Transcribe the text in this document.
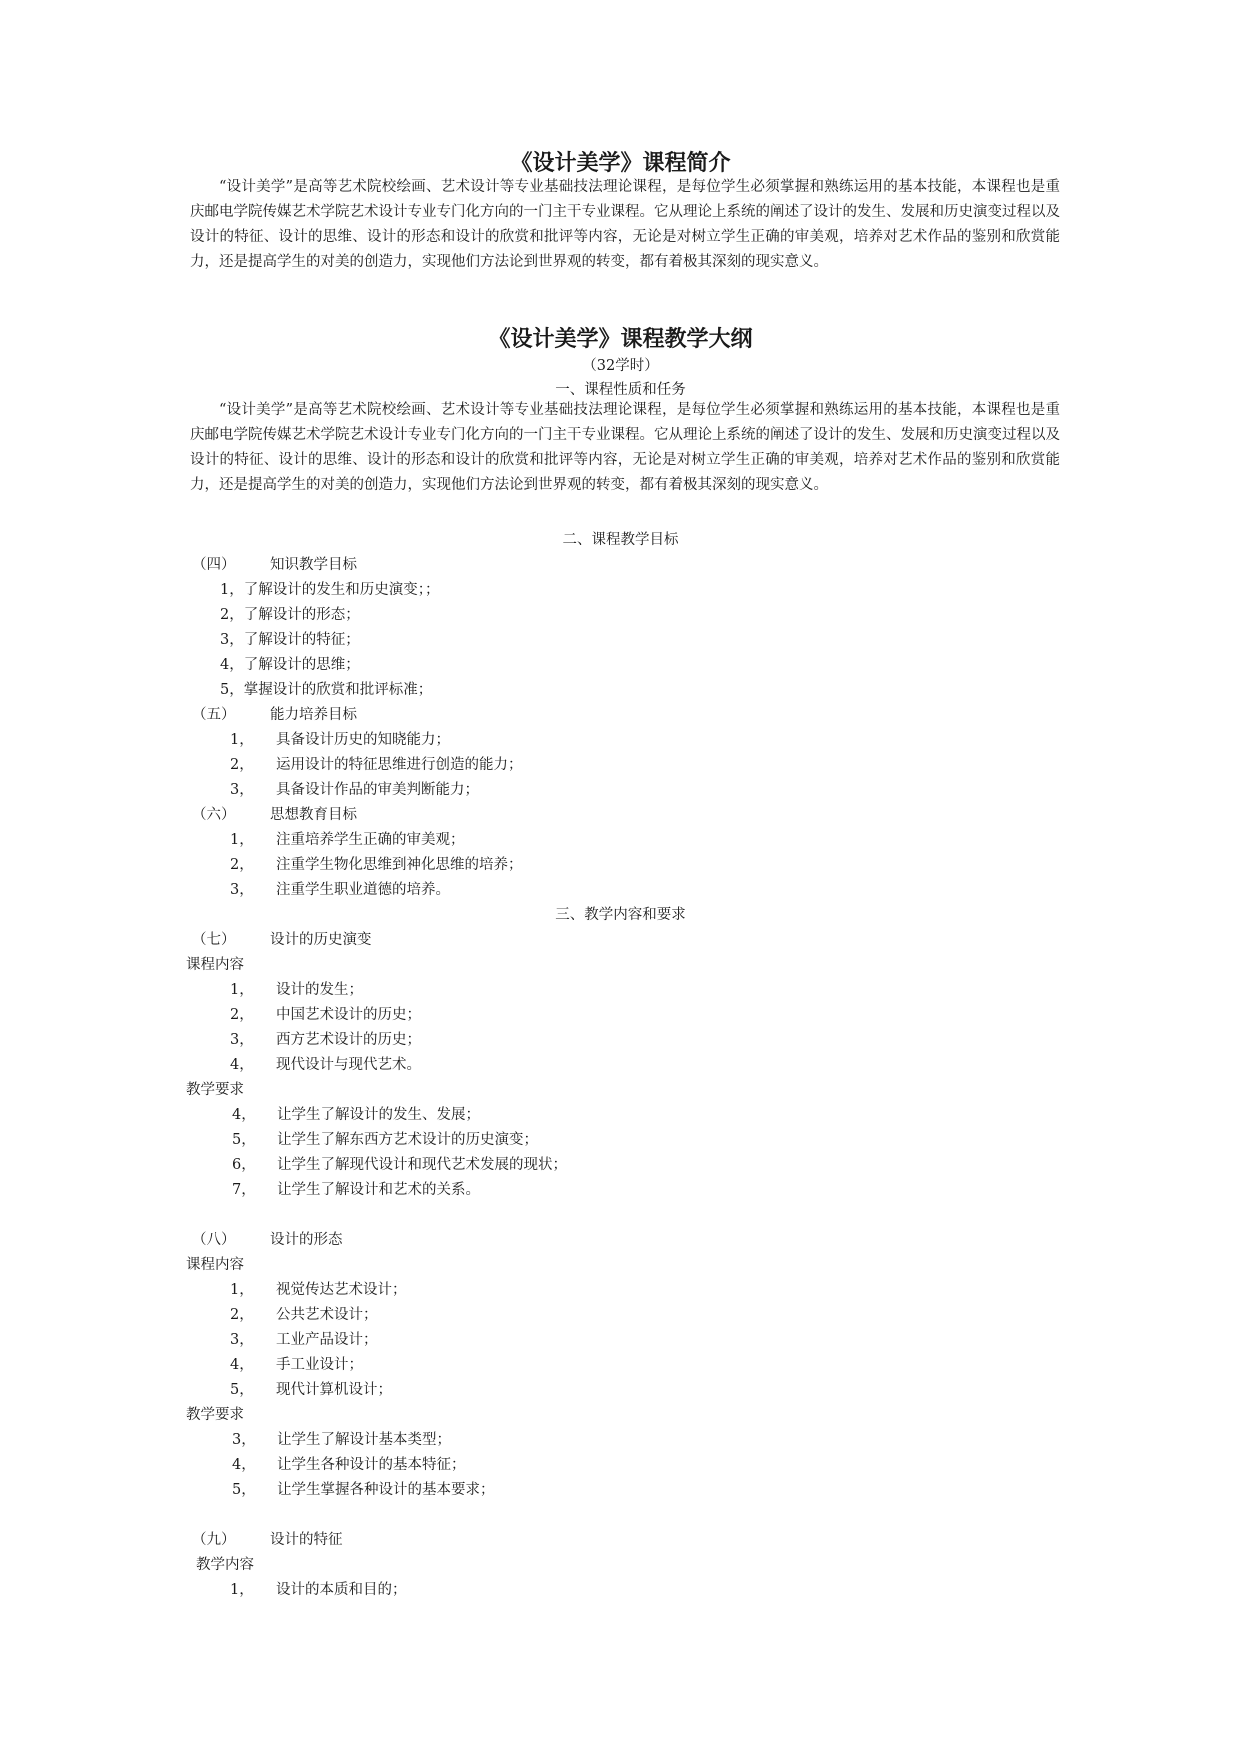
《设计美学》课程简介
“设计美学”是高等艺术院校绘画、艺术设计等专业基础技法理论课程，是每位学生必须掌握和熟练运用的基本技能，本课程也是重庆邮电学院传媒艺术学院艺术设计专业专门化方向的一门主干专业课程。它从理论上系统的阐述了设计的发生、发展和历史演变过程以及设计的特征、设计的思维、设计的形态和设计的欣赏和批评等内容，无论是对树立学生正确的审美观，培养对艺术作品的鉴别和欣赏能力，还是提高学生的对美的创造力，实现他们方法论到世界观的转变，都有着极其深刻的现实意义。
《设计美学》课程教学大纲
（32学时）
一、课程性质和任务
“设计美学”是高等艺术院校绘画、艺术设计等专业基础技法理论课程，是每位学生必须掌握和熟练运用的基本技能，本课程也是重庆邮电学院传媒艺术学院艺术设计专业专门化方向的一门主干专业课程。它从理论上系统的阐述了设计的发生、发展和历史演变过程以及设计的特征、设计的思维、设计的形态和设计的欣赏和批评等内容，无论是对树立学生正确的审美观，培养对艺术作品的鉴别和欣赏能力，还是提高学生的对美的创造力，实现他们方法论到世界观的转变，都有着极其深刻的现实意义。
二、课程教学目标
（四） 知识教学目标
1，了解设计的发生和历史演变；；
2，了解设计的形态；
3，了解设计的特征；
4，了解设计的思维；
5，掌握设计的欣赏和批评标准；
（五） 能力培养目标
1， 具备设计历史的知晓能力；
2， 运用设计的特征思维进行创造的能力；
3， 具备设计作品的审美判断能力；
（六） 思想教育目标
1， 注重培养学生正确的审美观；
2， 注重学生物化思维到神化思维的培养；
3， 注重学生职业道德的培养。
三、教学内容和要求
（七） 设计的历史演变
课程内容
1， 设计的发生；
2， 中国艺术设计的历史；
3， 西方艺术设计的历史；
4， 现代设计与现代艺术。
教学要求
4， 让学生了解设计的发生、发展；
5， 让学生了解东西方艺术设计的历史演变；
6， 让学生了解现代设计和现代艺术发展的现状；
7， 让学生了解设计和艺术的关系。
（八） 设计的形态
课程内容
1， 视觉传达艺术设计；
2， 公共艺术设计；
3， 工业产品设计；
4， 手工业设计；
5， 现代计算机设计；
教学要求
3， 让学生了解设计基本类型；
4， 让学生各种设计的基本特征；
5， 让学生掌握各种设计的基本要求；
（九） 设计的特征
教学内容
1， 设计的本质和目的；
